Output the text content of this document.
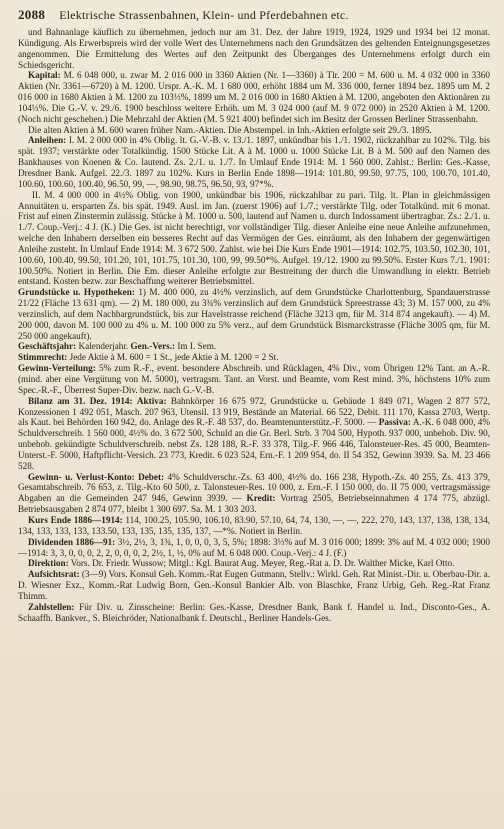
2088 Elektrische Strassenbahnen, Klein- und Pferdebahnen etc.

und Bahnanlage käuflich zu übernehmen, jedoch nur am 31. Dez. der Jahre 1919, 1924, 1929 und 1934 bei 12 monat. Kündigung. Als Erwerbspreis wird der volle Wert des Unternehmens nach den Grundsätzen des geltenden Enteignungsgesetzes angenommen. Die Ermittelung des Wertes auf den Zeitpunkt des Überganges des Unternehmens erfolgt durch ein Schiedsgericht.

Kapital: M. 6 048 000, u. zwar M. 2 016 000 in 3360 Aktien (Nr. 1—3360) à Tlr. 200 = M. 600 u. M. 4 032 000 in 3360 Aktien (Nr. 3361—6720) à M. 1200. Urspr. A.-K. M. 1 680 000, erhöht 1884 um M. 336 000, ferner 1894 bez. 1895 um M. 2 016 000 in 1680 Aktien à M. 1200 zu 103⅓%, 1899 um M. 2 016 000 in 1680 Aktien à M. 1200, angeboten den Aktionären zu 104⅓%. Die G.-V. v. 29./6. 1900 beschloss weitere Erhöh. um M. 3 024 000 (auf M. 9 072 000) in 2520 Aktien à M. 1200. (Noch nicht geschehen.) Die Mehrzahl der Aktien (M. 5 921 400) befindet sich im Besitz der Grossen Berliner Strassenbahn.

Die alten Aktien à M. 600 waren früher Nam.-Aktien. Die Abstempel. in Inh.-Aktien erfolgte seit 29./3. 1895.

Anleihen: I. M. 2 000 000 in 4% Oblig. lt. G.-V.-B. v. 13./1. 1897, unkündbar bis 1./1. 1902, rückzahlbar zu 102%. Tilg. bis spät. 1937; verstärkte oder Totalkündig. 1500 Stücke Lit. A à M. 1000 u. 1000 Stücke Lit. B à M. 500 auf den Namen des Bankhauses von Koenen & Co. lautend. Zs. 2./1. u. 1./7. In Umlauf Ende 1914: M. 1 560 000. Zahlst.: Berlin: Ges.-Kasse, Dresdner Bank. Aufgel. 22./3. 1897 zu 102%. Kurs in Berlin Ende 1898—1914: 101.80, 99.50, 97.75, 100, 100.70, 101.40, 100.60, 100.60, 100.40, 96.50, 99, —, 98.90, 98.75, 96.50, 93, 97*%.

II. M. 4 000 000 in 4½% Oblig. von 1900, unkündbar bis 1906, rückzahlbar zu pari. Tilg. lt. Plan in gleichmässigen Annuitäten u. ersparten Zs. bis spät. 1949. Ausl. im Jan. (zuerst 1906) auf 1./7.; verstärkte Tilg. oder Totalkünd. mit 6 monat. Frist auf einen Zinstermin zulässig. Stücke à M. 1000 u. 500, lautend auf Namen u. durch Indossament übertragbar. Zs.: 2./1. u. 1./7. Coup.-Verj.: 4 J. (K.) Die Ges. ist nicht berechtigt, vor vollständiger Tilg. dieser Anleihe eine neue Anleihe aufzunehmen, welche den Inhabern derselben ein besseres Recht auf das Vermögen der Ges. einräumt, als den Inhabern der gegenwärtigen Anleihe zusteht. In Umlauf Ende 1914: M. 3 672 500. Zahlst. wie bei Die Kurs Ende 1901—1914: 102.75, 103.50, 102.30, 101, 100.60, 100.40, 99.50, 101.20, 101, 101.75, 101.30, 100, 99, 99.50*%. Aufgel. 19./12. 1900 zu 99.50%. Erster Kurs 7./1. 1901: 100.50%. Notiert in Berlin. Die Em. dieser Anleihe erfolgte zur Bestreitung der durch die Umwandlung in elektr. Betrieb entstand. Kosten bezw. zur Beschaffung weiterer Betriebsmittel.

Grundstücke u. Hypotheken: 1) M. 400 000, zu 4½% verzinslich, auf dem Grundstücke Charlottenburg, Spandauerstrasse 21/22 (Fläche 13 631 qm). — 2) M. 180 000, zu 3¾% verzinslich auf dem Grundstück Spreestrasse 43; 3) M. 157 000, zu 4% verzinslich, auf dem Nachbargrundstück, bis zur Havelstrasse reichend (Fläche 3213 qm, für M. 314 874 angekauft). — 4) M. 200 000, davon M. 100 000 zu 4% u. M. 100 000 zu 5% verz., auf dem Grundstück Bismarckstrasse (Fläche 3005 qm, für M. 250 000 angekauft).

Geschäftsjahr: Kalenderjahr. Gen.-Vers.: Im I. Sem.

Stimmrecht: Jede Aktie à M. 600 = 1 St., jede Aktie à M. 1200 = 2 St.

Gewinn-Verteilung: 5% zum R.-F., event. besondere Abschreib. und Rücklagen, 4% Div., vom Übrigen 12% Tant. an A.-R. (mind. aber eine Vergütung von M. 5000), vertragsm. Tant. an Vorst. und Beamte, vom Rest mind. 3%, höchstens 10% zum Spec.-R.-F., Überrest Super-Div. bezw. nach G.-V.-B.

Bilanz am 31. Dez. 1914: Aktiva: Bahnkörper 16 675 972, Grundstücke u. Gebäude 1 849 071, Wagen 2 877 572, Konzessionen 1 492 051, Masch. 207 963, Utensil. 13 919, Bestände an Material. 66 522, Debit. 111 170, Kassa 2703, Wertp. als Kaut. bei Behörden 160 942, do. Anlage des R.-F. 48 537, do. Beamtenunterstütz.-F. 5000. — Passiva: A.-K. 6 048 000, 4% Schuldverschreib. 1 560 000, 4½% do. 3 672 500, Schuld an die Gr. Berl. Strb. 3 704 500, Hypoth. 937 000, unbehob. Div. 90, unbehob. gekündigte Schuldverschreib. nebst Zs. 128 188, R.-F. 33 378, Tilg.-F. 966 446, Talonsteuer-Res. 45 000, Beamten-Unterst.-F. 5000, Haftpflicht-Versich. 23 773, Kredit. 6 023 524, Ern.-F. 1 209 954, do. II 54 352, Gewinn 3939. Sa. M. 23 466 528.

Gewinn- u. Verlust-Konto: Debet: 4% Schuldverschr.-Zs. 63 400, 4½% do. 166 238, Hypoth.-Zs. 40 255, Zs. 413 379, Gesamtabschreib. 76 653, z. Tilg.-Kto 60 500, z. Talonsteuer-Res. 10 000, z. Ern.-F. I 150 000, do. II 75 000, vertragsmässige Abgaben an die Gemeinden 247 946, Gewinn 3939. — Kredit: Vortrag 2505, Betriebseinnahmen 4 174 775, abzügl. Betriebsausgaben 2 874 077, bleibt 1 300 697. Sa. M. 1 303 203.

Kurs Ende 1886—1914: 114, 100.25, 105.90, 106.10, 83.90, 57.10, 64, 74, 130, —, —, 222, 270, 143, 137, 138, 138, 134, 134, 133, 133, 133, 133.50, 133, 135, 135, 135, 137, —*%. Notiert in Berlin.

Dividenden 1886—91: 3½, 2½, 3, 1¾, 1, 0, 0, 0, 3, 5, 5%; 1898: 3⅓% auf M. 3 016 000; 1899: 3% auf M. 4 032 000; 1900—1914: 3, 3, 0, 0, 0, 2, 2, 0, 0, 0, 2, 2½, 1, ½, 0% auf M. 6 048 000. Coup.-Verj.: 4 J. (F.)

Direktion: Vors. Dr. Friedr. Wussow; Mitgl.: Kgl. Baurat Aug. Meyer, Reg.-Rat a. D. Dr. Walther Micke, Karl Otto.

Aufsichtsrat: (3—9) Vors. Konsul Geh. Komm.-Rat Eugen Gutmann, Stellv.: Wirkl. Geh. Rat Minist.-Dir. u. Oberbau-Dir. a. D. Wiesner Exz., Komm.-Rat Ludwig Born, Gen.-Konsul Bankier Alb. von Blaschke, Franz Urbig, Geh. Reg.-Rat Franz Thimm.

Zahlstellen: Für Div. u. Zinsscheine: Berlin: Ges.-Kasse, Dresdner Bank, Bank f. Handel u. Ind., Disconto-Ges., A. Schaaffh. Bankver., S. Bleichröder, Nationalbank f. Deutschl., Berliner Handels-Ges.
